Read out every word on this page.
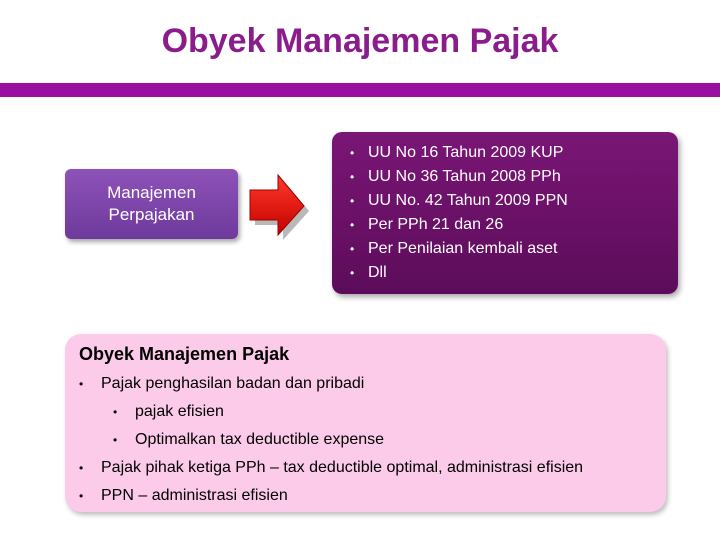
Obyek Manajemen Pajak
Manajemen
Perpajakan
• UU No 16 Tahun 2009 KUP
• UU No 36 Tahun 2008 PPh
• UU No. 42 Tahun 2009 PPN
• Per PPh 21 dan 26
• Per Penilaian kembali aset
• Dll
Obyek Manajemen Pajak
•	Pajak penghasilan badan dan pribadi
•	pajak efisien
•	Optimalkan tax deductible expense
•	Pajak pihak ketiga PPh – tax deductible optimal, administrasi efisien
•	PPN – administrasi efisien
